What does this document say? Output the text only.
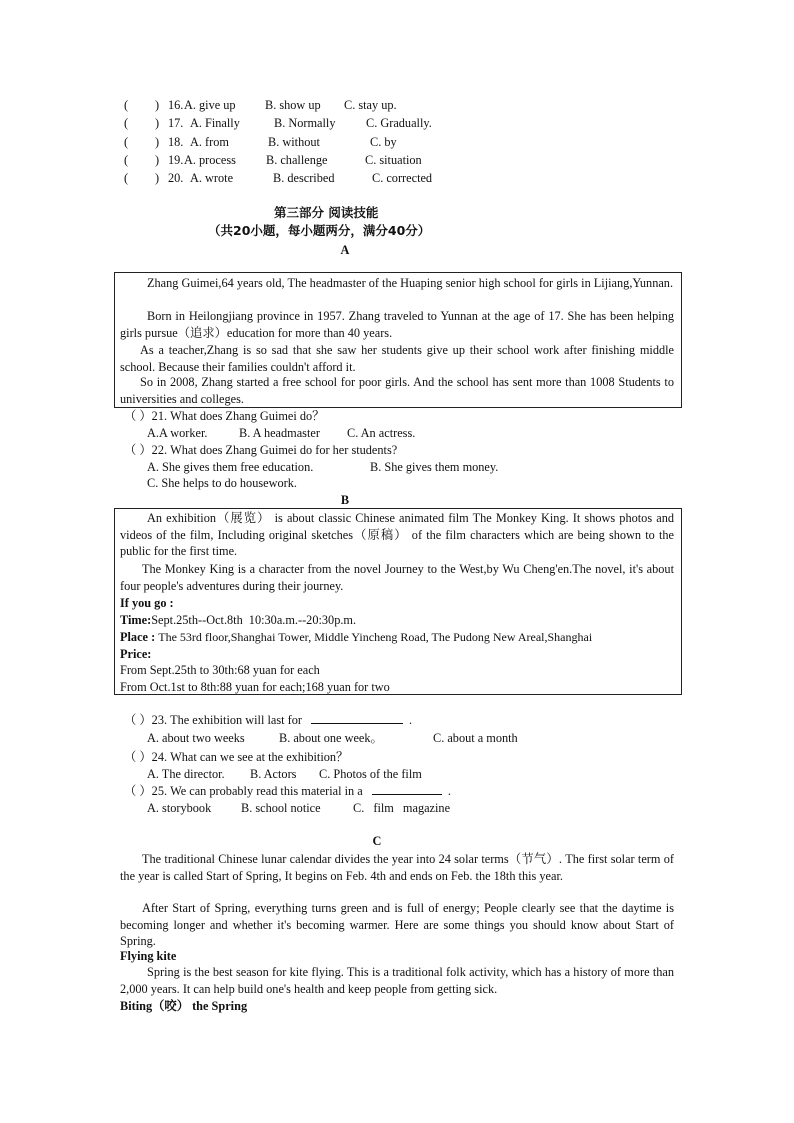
( ) 16. A. give up B. show up C. stay up.
( ) 17. A. Finally	B. Normally C. Gradually.
( ) 18. A. from	B. without	C. by
( ) 19. A. process B. challenge	C. situation
( ) 20. A. wrote	B. described	C. corrected
第三部分 阅读技能
（共20小题，每小题两分，满分40分）
A
Zhang Guimei,64 years old, The headmaster of the Huaping senior high school for girls in Lijiang,Yunnan.
Born in Heilongjiang province in 1957. Zhang traveled to Yunnan at the age of 17. She has been helping girls pursue（追求）education for more than 40 years.
As a teacher,Zhang is so sad that she saw her students give up their school work after finishing middle school. Because their families couldn't afford it.
So in 2008, Zhang started a free school for poor girls. And the school has sent more than 1008 Students to universities and colleges.
（ ）21. What does Zhang Guimei do？
A.A worker.	B. A headmaster C. An actress.
（ ）22. What does Zhang Guimei do for her students?
A. She gives them free education.	B. She gives them money.
C. She helps to do housework.
B
An exhibition（展览） is about classic Chinese animated film The Monkey King. It shows photos and videos of the film, Including original sketches（原稿） of the film characters which are being shown to the public for the first time.
The Monkey King is a character from the novel Journey to the West,by Wu Cheng'en.The novel, it's about four people's adventures during their journey.
If you go :
Time:Sept.25th--Oct.8th 10:30a.m.--20:30p.m.
Place : The 53rd floor,Shanghai Tower, Middle Yincheng Road, The Pudong New Areal,Shanghai
Price:
From Sept.25th to 30th:68 yuan for each
From Oct.1st to 8th:88 yuan for each;168 yuan for two
（ ）23. The exhibition will last for	.
A. about two weeks	B. about one week。	C. about a month
（ ）24. What can we see at the exhibition？
A. The director. B. Actors C. Photos of the film
（ ）25. We can probably read this material in a	.
A. storybook B. school notice	C. film magazine
C
The traditional Chinese lunar calendar divides the year into 24 solar terms（节气）. The first solar term of the year is called Start of Spring, It begins on Feb. 4th and ends on Feb. the 18th this year.
After Start of Spring, everything turns green and is full of energy; People clearly see that the daytime is becoming longer and whether it's becoming warmer. Here are some things you should know about Start of Spring.
Flying kite
Spring is the best season for kite flying. This is a traditional folk activity, which has a history of more than 2,000 years. It can help build one's health and keep people from getting sick.
Biting（咬） the Spring
